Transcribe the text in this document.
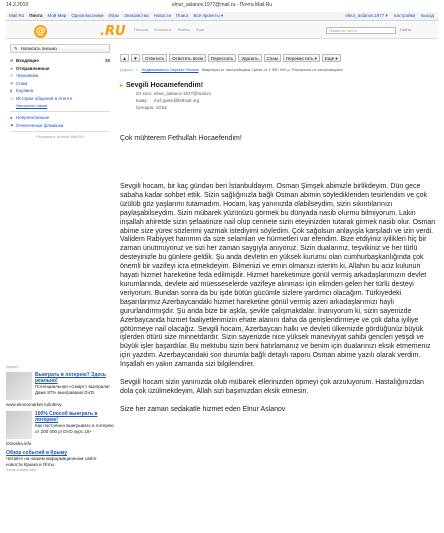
14.3.2010	elnur_aslanov.1977@mail.ru - Почта Mail.Ru
Mail.Ru Почта Мой Мир Одноклассники Игры Знакомства Новости Поиск Все проекты ▾	elnur_aslanov.1977 ▾ настройки выход
@	.RU Письма Контакты Файлы Ещё	Поиск по почте	Найти
✎ Написать письмо
✉ Входящие	39
➤ Отправленные
✎ Черновики
⚑ Спам
▮ Корзина
◷ История общения в Агенте
Настроить папки
● Непрочитанные
⚑ Отмеченные флажком
Реклама в Агенте Mail.Ru
Директ
Выиграть в лотерею? Здесь реально!
Потенциальная «Смарт» выиграла! Даже 87% выигравших DVD.
www.ekonomarket.ru/lottery
100% Способ выиграть в лотерею!
Как постоянно выигрывать в лотерею от 200 000 р! DVD курс 18+
lotoveka.info
Обзор событий в Крыму
Читайте на нашем информационном сайте новости Крыма и Ялты.
news.crimea.info
▲	▼	Ответить	Ответить всем	Переслать	Удалить	Спам	Переместить ▾	Ещё ▾
Директ ⌂ Недвижимость Черных Песков Квартиры от застройщика. Цены от 1 950 000 р. Рассрочка от застройщика!
▸ Sevgili Hocamefendim!
От кого: elnur_aslanov.1977@mail.ru
Кому:	mcf.gulen@fethval.org
Сегодня, 10:51
Çok mühterem Fethullah Hocaefendim!

Sevgili hocam, bir kaç gündən beri İstanbuldayım. Osman Şimşek abimizle birlikdeyim. Dün gece sabaha kadar sohbet ettik. Sizin sağlığınızla bağlı Osman abimin söyledikleriden tesirlendim ve çok üzülüb göz yaşlarımı tutamadım. Hocam, kaş yanınızda olabilseydim, sizin sıkıntılarınızı paylaşabilseydim. Sizin mübarek yüzünüzü görmek bu dünyada nasib olurmu bilmiyorum. Lakin inşallah ahiretde sizin şefaatinize nail olup cennete sizin eteyinizden tutarak girmek nasib olur. Osman abime size yüreк sözlerimi yazmak istediyimi söyledim. Çok sağolsun anlayışla karşıladı ve izin verdi. Validem Rabiyyet hanımın da size selamları ve hürmetleri var efendim. Bize etdiyiniz iyilikleri hiç bir zaman unutmuyoruz ve sizi her zaman saygıyla anıyoruz. Sizin dualarınız, teşvikiniz ve her türlü desteyinizle bu günlere geldik. Şu anda devletin en yüksek kurumu olan cumhurbaşkanlığında çok önemli bir vazifeyi icra etmekdeyim. Bilmenizi ve emin olmanızı isterim ki, Allahın bu aciz kulunun hayatı hizmet hareketine feda edilmişdir. Hizmet hareketimize gönül vermiş arkadaşlarımızın devlet kurumlarında, devlete aid müesseselerde vazifeye alınması için elimden gelen her türlü desteyi veriyorum. Bundan sonra da bu işde bütün gücümle sizlere yardımcı olacağım. Türkiyedeki başarılarımız Azerbaycandaki hizmet hareketine gönül vermiş azeri arkadaşlarımızı hayli gururlandırmışdır. Şu anda bize bir aşkla, şevkle çalışmakdalar. İnanıyorum ki, sizin sayenizde Azerbaycanda hizmet faaliyetlerimizin ehate alanını daha da genişlendirmeye ve çok daha iyiliye götürmeye nail olacağız. Sevgili hocam, Azerbaycan halkı ve devleti ülkemizde gördüğünüz büyük işlerden ötürü size minnetdardır. Sizin sayenizde nice yüksek maneviyyat sahibi gencleri yetişdi ve büyük işler başardılar. Bu mektubu sizin beni hatırlamanız ve benim için dualarınızı eksik etmemeniz için yazdım. Azerbaycandaki son durumla bağlı detaylı raporu Osman abime yazılı olarak verdim. İnşallah en yakın zamanda sizi bilgilendirer.

Sevgili hocam sizin yanınızda olub mübarek ellerinizden öpmeyi çok arzuluyorum. Hastalığınızdan dola çok üzülmekdeyim, Allah sizi başımızdan eksik etmesin.

Size her zaman sedakatle hizmet eden Elnur Aslanov
